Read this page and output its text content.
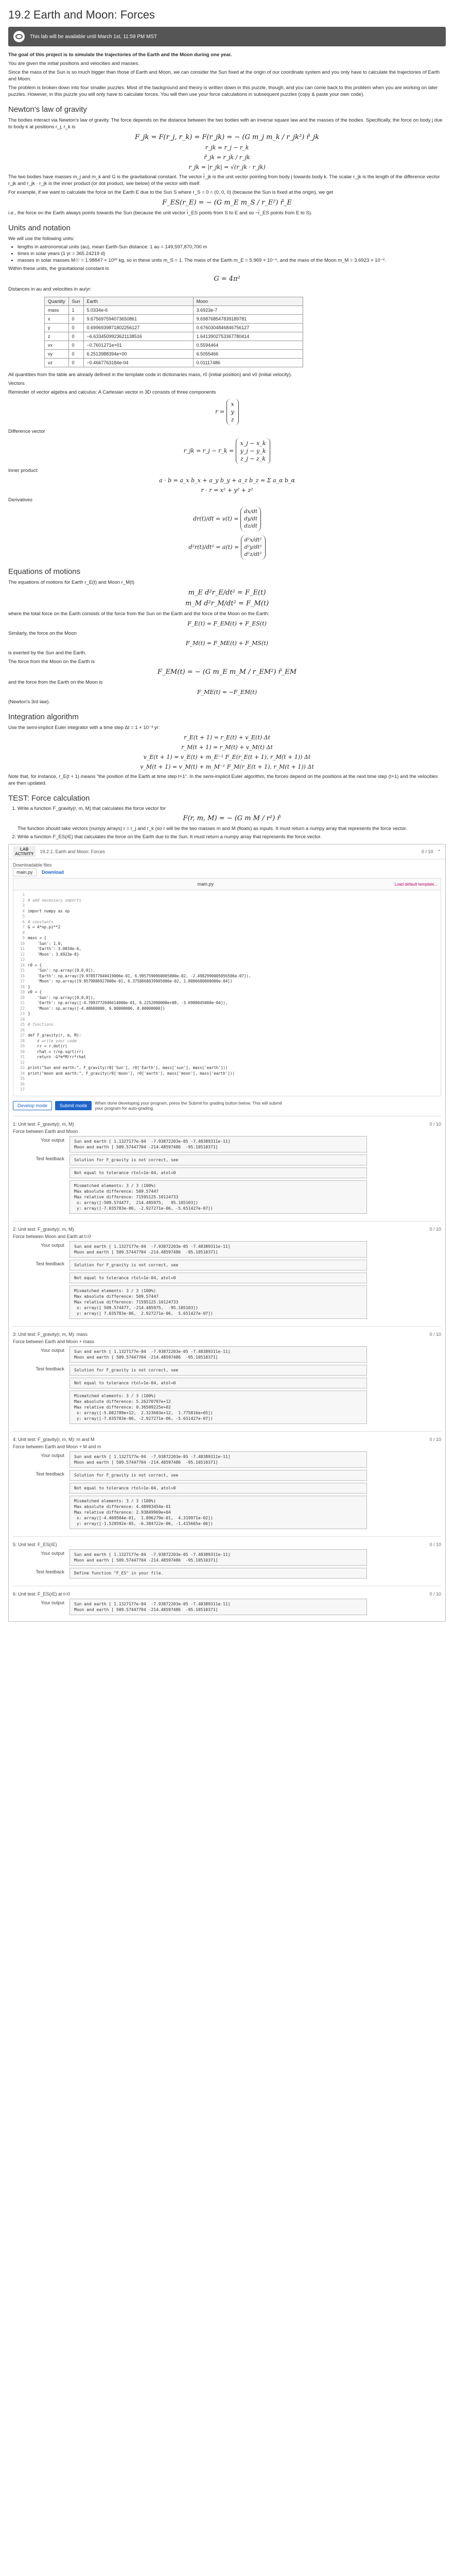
19.2 Earth and Moon: Forces
This lab will be available until March 1st, 11:59 PM MST

The goal of this project is to simulate the trajectories of the Earth and the Moon during one year.

You are given the initial positions and velocities and masses.

Since the mass of the Sun is so much bigger than those of Earth and Moon, we can consider the Sun fixed at the origin of our coordinate system and you only have to calculate the trajectories of Earth and Moon.

The problem is broken down into four smaller puzzles. Most of the background and theory is written down in this puzzle, though, and you can come back to this problem when you are working on later puzzles. However, in this puzzle you will only have to calculate forces. You will then use your force calculations in subsequent puzzles (copy & paste your own code).

Newton's law of gravity

The bodies interact via Newton's law of gravity. The force depends on the distance between the two bodies with an inverse square law and the masses of the bodies. Specifically, the force on body j due to body k at positions r_j, r_k is

F_jk = F(r_j, r_k) = F(r_jk) = − (G m_j m_k / r_jk²) r̂_jk
r_jk = r_j − r_k
r̂_jk = r_jk / r_jk
r_jk = |r_jk| = √(r_jk · r_jk)

The two bodies have masses m_j and m_k and G is the gravitational constant. The vector r̂_jk is the unit vector pointing from body j towards body k. The scalar r_jk is the length of the difference vector r_jk and r_jk · r_jk is the inner product (or dot product, see below) of the vector with itself.

For example, if we want to calculate the force on the Earth E due to the Sun S where r_S = 0 = (0, 0, 0) (because the Sun is fixed at the origin), we get

F_ES(r_E) = − (G m_E m_S / r_E²) r̂_E

i.e., the force on the Earth always points towards the Sun (because the unit vector r̂_ES points from S to E and so −r̂_ES points from E to S).

Units and notation

We will use the following units:

• lengths in astronomical units (au), mean Earth-Sun distance: 1 au = 149,597,870,700 m
• times in solar years (1 yr = 365.24219 d)
• masses in solar masses M☉ = 1.98847 × 10³⁰ kg, so in these units m_S = 1. The mass of the Earth m_E = 5.969 × 10⁻⁶, and the mass of the Moon m_M = 3.6923 × 10⁻⁸.

Within these units, the gravitational constant is

G = 4π²

Distances in au and velocities in au/yr:

Quantity	Sun	Earth	Moon
mass	1	5.0334e-6	3.6923e-7
x	0	9.675697594073650861	9.698768547839189781
y	0	0.6996939871802256127	0.6760304846846756127
z	0	−6.6334509923621138516	1.6413902753367780414
vx	0	−0.7601271e+01	0.5594464
vy	0	6.2513988394e+00	6.5055466
vz	0	−0.4667763184e-04	0.01117486

All quantities from the table are already defined in the template code in dictionaries mass, r0 (initial position) and v0 (initial velocity).

Vectors

Reminder of vector algebra and calculus: A Cartesian vector in 3D consists of three components

r =
x
y
z

Difference vector

r_jk = r_j − r_k =
x_j − x_k
y_j − y_k
z_j − z_k

Inner product:

a · b = a_x b_x + a_y b_y + a_z b_z = Σ a_α b_α
r · r = x² + y² + z²

Derivatives

dr(t)/dt = v(t) =
dx/dt
dy/dt
dz/dt
d²r(t)/dt² = a(t) =
d²x/dt²
d²y/dt²
d²z/dt²
Equations of motions

The equations of motions for Earth r_E(t) and Moon r_M(t)

m_E d²r_E/dt² = F_E(t)
m_M d²r_M/dt² = F_M(t)

where the total force on the Earth consists of the force from the Sun on the Earth and the force of the Moon on the Earth:

F_E(t) = F_EM(t) + F_ES(t)

Similarly, the force on the Moon

F_M(t) = F_ME(t) + F_MS(t)

is exerted by the Sun and the Earth.

The force from the Moon on the Earth is

F_EM(t) = − (G m_E m_M / r_EM²) r̂_EM

and the force from the Earth on the Moon is

F_ME(t) = −F_EM(t)

(Newton's 3rd law).

Integration algorithm

Use the semi-implicit Euler integrator with a time step Δt = 1 × 10⁻³ yr:

r_E(t + 1) = r_E(t) + v_E(t) Δt
r_M(t + 1) = r_M(t) + v_M(t) Δt
v_E(t + 1) = v_E(t) + m_E⁻¹ F_E(r_E(t + 1), r_M(t + 1)) Δt
v_M(t + 1) = v_M(t) + m_M⁻¹ F_M(r_E(t + 1), r_M(t + 1)) Δt

Note that, for instance, r_E(t + 1) means "the position of the Earth at time step t+1". In the semi-implicit Euler algorithm, the forces depend on the positions at the next time step (t+1) and the velocities are then updated.

TEST: Force calculation
1. Write a function F_gravity(r, m, M) that calculates the force vector for
F(r, m, M) = − (G m M / r²) r̂

The function should take vectors (numpy arrays) r = r_j and r_k (so r will be the two masses m and M (floats) as inputs. It must return a numpy array that represents the force vector.

2. Write a function F_ES(rE) that calculates the force on the Earth due to the Sun. It must return a numpy array that represents the force vector.
LAB
ACTIVITY 19.2.1: Earth and Moon: Forces	0 / 10 ⌃
Downloadable files
main.py Download
main.py	Load default template...
1
2 # add necessary imports
3
4 import numpy as np
5
6 # constants
7 G = 4*np.pi**2
8
9 mass = {
10    'Sun': 1.0,
11    'Earth': 3.0034e-6,
12    'Moon': 3.6923e-8}
13
14 r0 = {
15    'Sun': np.array([0,0,0]),
16    'Earth': np.array([9.978977040419006e-01, 6.9957590960005000e-02, -2.4982990005056506e-07]),
17    'Moon': np.array([9.9579886927000e-01, 6.3758668839905000e-02, 1.8086600000000e-04])
18 }
19 v0 = {
20    'Sun': np.array([0,0,0]),
21    'Earth': np.array([-4.7093772046614000e-01, 6.2252090000e+00, -3.6980045000e-04]),
22    'Moon': np.array([-4.40600000, 6.00000000, 0.00000000])
23 }
24
25 # functions
26
27 def F_gravity(r, m, M):
28    # write your code
29    rr = r.dot(r)
30    rhat = r/np.sqrt(rr)
31    return -G*m*M/rr*rhat
32
33 print("Sun and earth:", F_gravity(r0['Sun'], r0['Earth'], mass['sun'], mass['earth']))
34 print("moon and earth:", F_gravity(r0['moon'], r0['earth'], mass['moon'], mass['earth']))
35
36
37
Develop mode	Submit mode	When done developing your program, press the Submit for grading button below. This will submit your program for auto-grading.
1: Unit test: F_gravity(r, m, M)	0 / 10
Force between Earth and Moon
Your output	Sun and earth [ 1.1327177e-04  -7.93872203e-05 -7.48389311e-11]
Moon and earth [ 509.57447704 -214.48597486  -95.10510371]
Test feedback	Solution for F_gravity is not correct, see
Not equal to tolerance rtol=1e-04, atol=0
Mismatched elements: 3 / 3 (100%)
Max absolute difference: 509.57447
Max relative difference: 71595125.10124733
x: array([-509.574477,  214.485975,   95.105103])
y: array([-7.035783e-06, -2.927271e-06, -5.651427e-07])
2: Unit test: F_gravity(r, m, M)	0 / 10
Force between Moon and Earth at t=0
Your output	Sun and earth [ 1.1327177e-04  -7.93872203e-05 -7.48389311e-11]
Moon and earth [ 509.57447704 -214.48597486  -95.10510371]
Test feedback	Solution for F_gravity is not correct, see
Not equal to tolerance rtol=1e-04, atol=0
Mismatched elements: 3 / 3 (100%)
Max absolute difference: 509.57447
Max relative difference: 71595125.10124733
x: array([ 509.574477, -214.485975,  -95.105103])
y: array([ 7.035783e-06,  2.927271e-06,  5.651427e-07])
3: Unit test: F_gravity(r, m, M): mass	0 / 10
Force between Earth and Moon + mass
Your output	Sun and earth [ 1.1327177e-04  -7.93872203e-05 -7.48389311e-11]
Moon and earth [ 509.57447704 -214.48597486  -95.10510371]
Test feedback	Solution for F_gravity is not correct, see
Not equal to tolerance rtol=1e-04, atol=0
Mismatched elements: 3 / 3 (100%)
Max absolute difference: 5.26270797e+12
Max relative difference: 0.36509225e+02
x: array([-5.082789e+12,  2.323603e+12,  1.775816e+05])
y: array([-7.035783e-06, -2.927271e-06, -5.651427e-07])
4: Unit test: F_gravity(r, m, M): m and M	0 / 10
Force between Earth and Moon + M and m
Your output	Sun and earth [ 1.1327177e-04  -7.93872203e-05 -7.48389311e-11]
Moon and earth [ 509.57447704 -214.48597486  -95.10510371]
Test feedback	Solution for F_gravity is not correct, see
Not equal to tolerance rtol=1e-04, atol=0
Mismatched elements: 3 / 3 (100%)
Max absolute difference: 4.48993454e-01
Max relative difference: 2.93849969e+04
x: array([-4.469504e-01,  1.896279e-01,  4.319971e-02])
y: array([-1.520592e-05, -6.384722e-06, -1.415665e-06])
5: Unit test: F_ES(rE)	0 / 10
Your output	Sun and earth [ 1.1327177e-04  -7.93872203e-05 -7.48389311e-11]
Moon and earth [ 509.57447704 -214.48597486  -95.10510371]
Test feedback	Define function "F_ES" in your file.
6: Unit test: F_ES(rE) at t=0	0 / 10
Your output	Sun and earth [ 1.1327177e-04  -7.93872203e-05 -7.48389311e-11]
Moon and earth [ 509.57447704 -214.48597486  -95.10510371]
